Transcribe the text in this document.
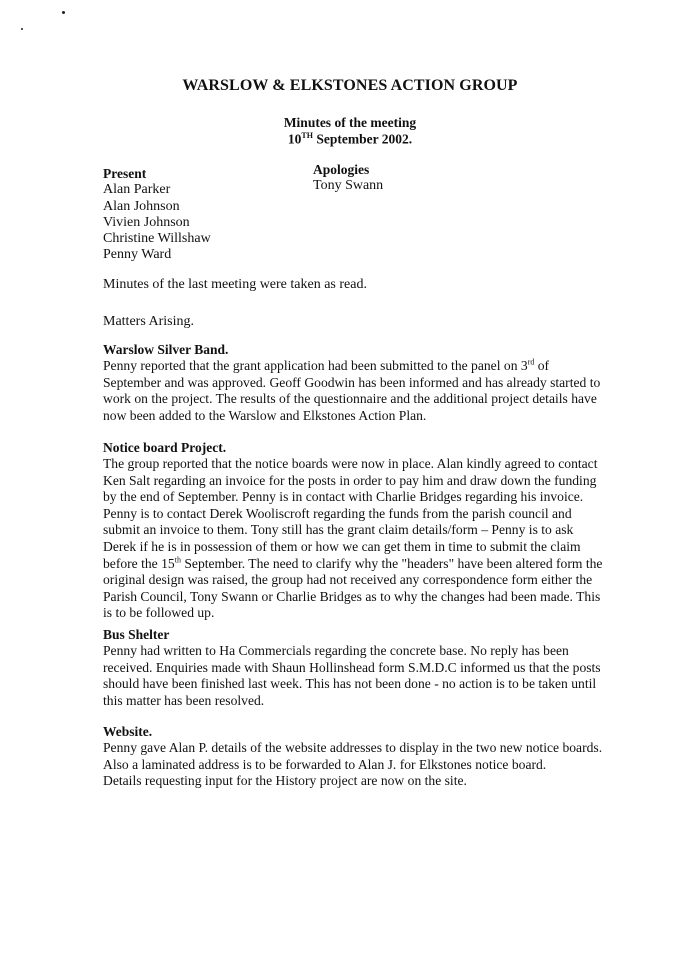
WARSLOW & ELKSTONES ACTION GROUP
Minutes of the meeting
10TH September 2002.
Present
Alan Parker
Alan Johnson
Vivien Johnson
Christine Willshaw
Penny Ward
Apologies
Tony Swann
Minutes of the last meeting were taken as read.
Matters Arising.
Warslow Silver Band.
Penny reported that the grant application had been submitted to the panel on 3rd of September and was approved. Geoff Goodwin has been informed and has already started to work on the project. The results of the questionnaire and the additional project details have now been added to the Warslow and Elkstones Action Plan.
Notice board Project.
The group reported that the notice boards were now in place. Alan kindly agreed to contact Ken Salt regarding an invoice for the posts in order to pay him and draw down the funding by the end of September. Penny is in contact with Charlie Bridges regarding his invoice. Penny is to contact Derek Wooliscroft regarding the funds from the parish council and submit an invoice to them. Tony still has the grant claim details/form – Penny is to ask Derek if he is in possession of them or how we can get them in time to submit the claim before the 15th September. The need to clarify why the "headers" have been altered form the original design was raised, the group had not received any correspondence form either the Parish Council, Tony Swann or Charlie Bridges as to why the changes had been made. This is to be followed up.
Bus Shelter
Penny had written to Ha Commercials regarding the concrete base. No reply has been received. Enquiries made with Shaun Hollinshead form S.M.D.C informed us that the posts should have been finished last week. This has not been done - no action is to be taken until this matter has been resolved.
Website.
Penny gave Alan P. details of the website addresses to display in the two new notice boards. Also a laminated address is to be forwarded to Alan J. for Elkstones notice board.
Details requesting input for the History project are now on the site.
